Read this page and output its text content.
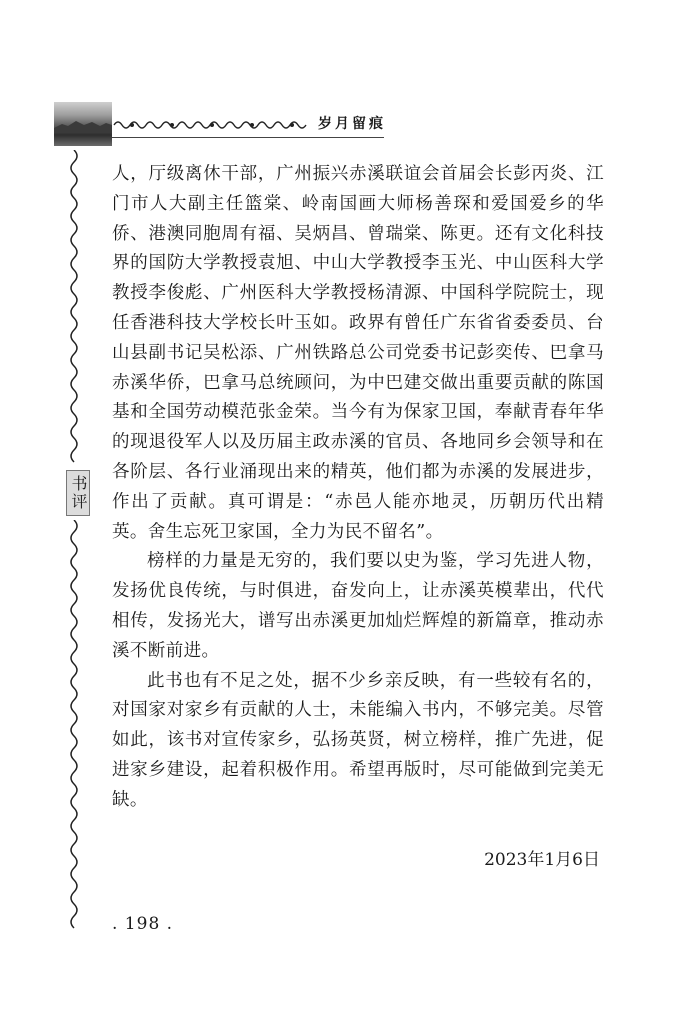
岁月留痕
书评

人，厅级离休干部，广州振兴赤溪联谊会首届会长彭丙炎、江门市人大副主任篮棠、岭南国画大师杨善琛和爱国爱乡的华侨、港澳同胞周有福、吴炳昌、曾瑞棠、陈更。还有文化科技界的国防大学教授袁旭、中山大学教授李玉光、中山医科大学教授李俊彪、广州医科大学教授杨清源、中国科学院院士，现任香港科技大学校长叶玉如。政界有曾任广东省省委委员、台山县副书记吴松添、广州铁路总公司党委书记彭奕传、巴拿马赤溪华侨，巴拿马总统顾问，为中巴建交做出重要贡献的陈国基和全国劳动模范张金荣。当今有为保家卫国，奉献青春年华的现退役军人以及历届主政赤溪的官员、各地同乡会领导和在各阶层、各行业涌现出来的精英，他们都为赤溪的发展进步，作出了贡献。真可谓是：“赤邑人能亦地灵，历朝历代出精英。舍生忘死卫家国，全力为民不留名”。

榜样的力量是无穷的，我们要以史为鉴，学习先进人物，发扬优良传统，与时俱进，奋发向上，让赤溪英模辈出，代代相传，发扬光大，谱写出赤溪更加灿烂辉煌的新篇章，推动赤溪不断前进。

此书也有不足之处，据不少乡亲反映，有一些较有名的，对国家对家乡有贡献的人士，未能编入书内，不够完美。尽管如此，该书对宣传家乡，弘扬英贤，树立榜样，推广先进，促进家乡建设，起着积极作用。希望再版时，尽可能做到完美无缺。

2023年1月6日
. 198 .
